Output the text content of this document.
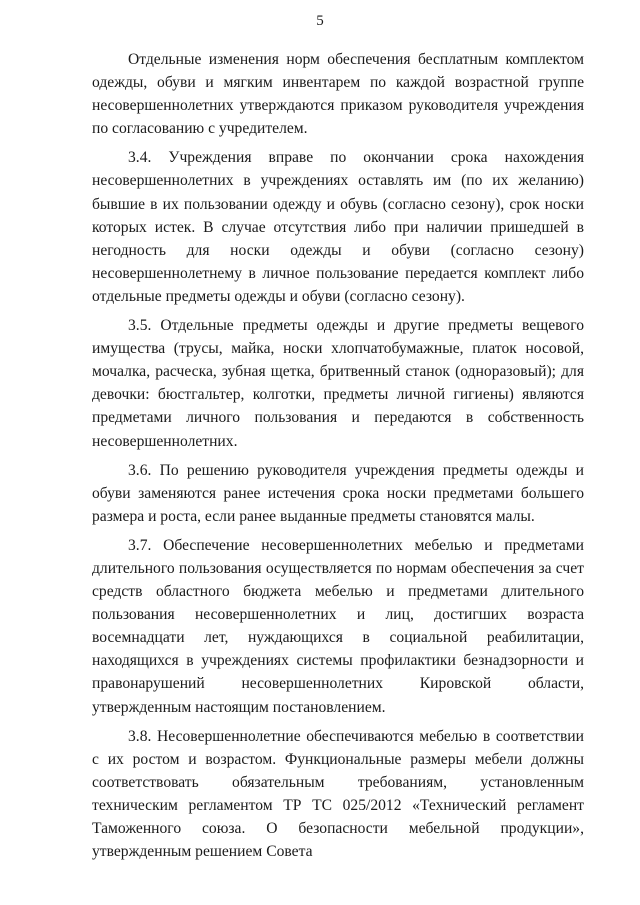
5

Отдельные изменения норм обеспечения бесплатным комплектом одежды, обуви и мягким инвентарем по каждой возрастной группе несовершеннолетних утверждаются приказом руководителя учреждения по согласованию с учредителем.

3.4. Учреждения вправе по окончании срока нахождения несовершеннолетних в учреждениях оставлять им (по их желанию) бывшие в их пользовании одежду и обувь (согласно сезону), срок носки которых истек. В случае отсутствия либо при наличии пришедшей в негодность для носки одежды и обуви (согласно сезону) несовершеннолетнему в личное пользование передается комплект либо отдельные предметы одежды и обуви (согласно сезону).

3.5. Отдельные предметы одежды и другие предметы вещевого имущества (трусы, майка, носки хлопчатобумажные, платок носовой, мочалка, расческа, зубная щетка, бритвенный станок (одноразовый); для девочки: бюстгальтер, колготки, предметы личной гигиены) являются предметами личного пользования и передаются в собственность несовершеннолетних.

3.6. По решению руководителя учреждения предметы одежды и обуви заменяются ранее истечения срока носки предметами большего размера и роста, если ранее выданные предметы становятся малы.

3.7. Обеспечение несовершеннолетних мебелью и предметами длительного пользования осуществляется по нормам обеспечения за счет средств областного бюджета мебелью и предметами длительного пользования несовершеннолетних и лиц, достигших возраста восемнадцати лет, нуждающихся в социальной реабилитации, находящихся в учреждениях системы профилактики безнадзорности и правонарушений несовершеннолетних Кировской области, утвержденным настоящим постановлением.

3.8. Несовершеннолетние обеспечиваются мебелью в соответствии с их ростом и возрастом. Функциональные размеры мебели должны соответствовать обязательным требованиям, установленным техническим регламентом ТР ТС 025/2012 «Технический регламент Таможенного союза. О безопасности мебельной продукции», утвержденным решением Совета
